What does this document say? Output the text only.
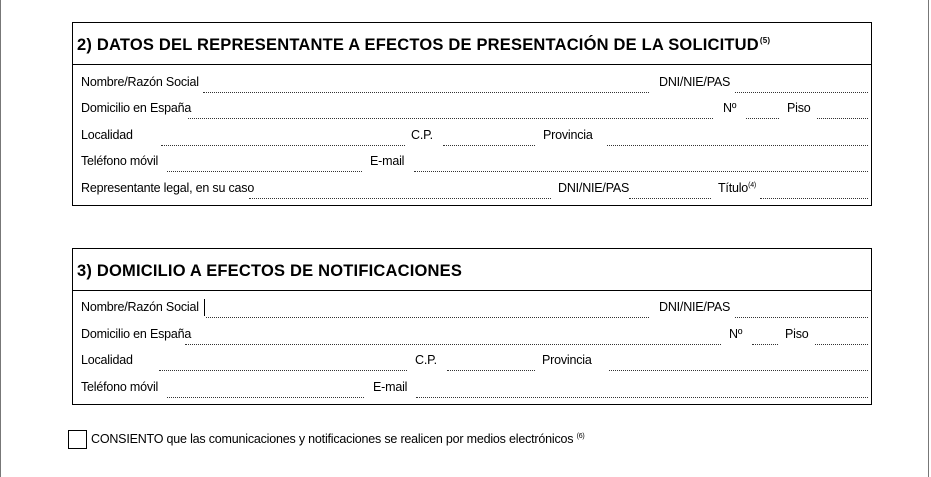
2) DATOS DEL REPRESENTANTE A EFECTOS DE PRESENTACIÓN DE LA SOLICITUD$^{(5)}$
Nombre/Razón Social	DNI/NIE/PAS
Domicilio en España	Nº	Piso
Localidad	C.P.	Provincia
Teléfono móvil	E-mail
Representante legal, en su caso	DNI/NIE/PAS	Título$^{(4)}$
3) DOMICILIO A EFECTOS DE NOTIFICACIONES
Nombre/Razón Social	DNI/NIE/PAS
Domicilio en España	Nº	Piso
Localidad	C.P.	Provincia
Teléfono móvil	E-mail
CONSIENTO que las comunicaciones y notificaciones se realicen por medios electrónicos $^{(6)}$
